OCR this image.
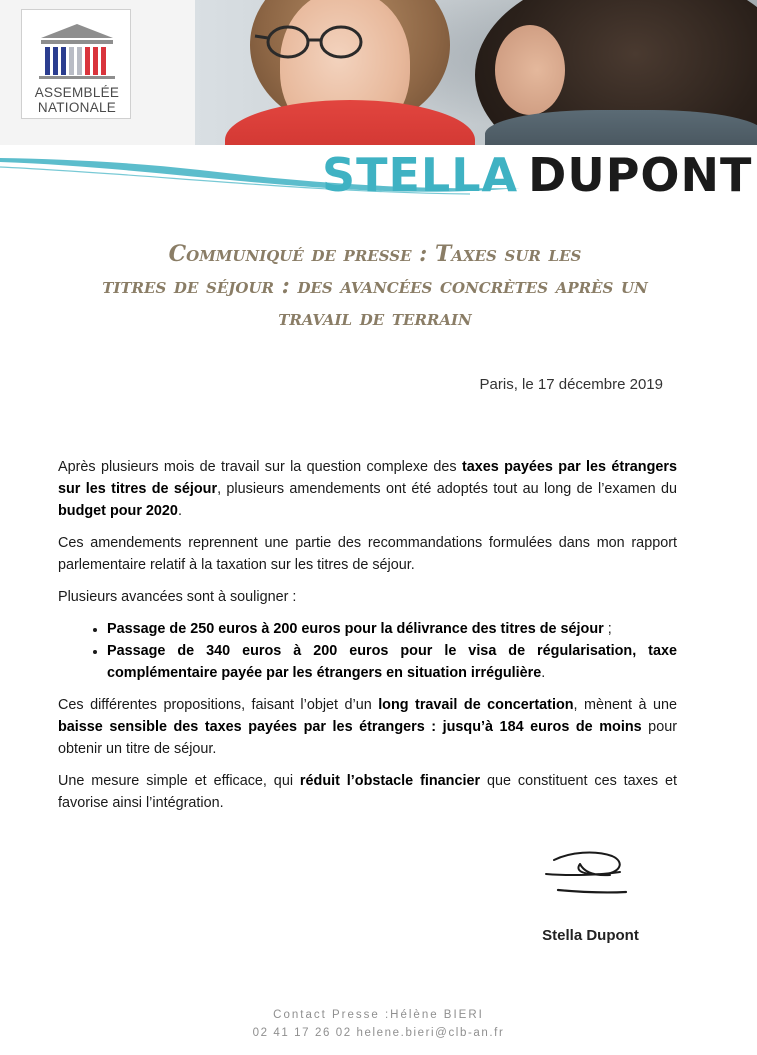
ASSEMBLÉE
NATIONALE
STELLA DUPONT
Communiqué de presse : Taxes sur les
titres de séjour : des avancées concrètes après un
travail de terrain
Paris, le 17 décembre 2019

Après plusieurs mois de travail sur la question complexe des taxes payées par les étrangers sur les titres de séjour, plusieurs amendements ont été adoptés tout au long de l’examen du budget pour 2020.

Ces amendements reprennent une partie des recommandations formulées dans mon rapport parlementaire relatif à la taxation sur les titres de séjour.

Plusieurs avancées sont à souligner :

• Passage de 250 euros à 200 euros pour la délivrance des titres de séjour ;
• Passage de 340 euros à 200 euros pour le visa de régularisation, taxe complémentaire payée par les étrangers en situation irrégulière.

Ces différentes propositions, faisant l’objet d’un long travail de concertation, mènent à une baisse sensible des taxes payées par les étrangers : jusqu’à 184 euros de moins pour obtenir un titre de séjour.

Une mesure simple et efficace, qui réduit l’obstacle financier que constituent ces taxes et favorise ainsi l’intégration.

Stella Dupont
Contact Presse :Hélène BIERI
02 41 17 26 02 helene.bieri@clb-an.fr
